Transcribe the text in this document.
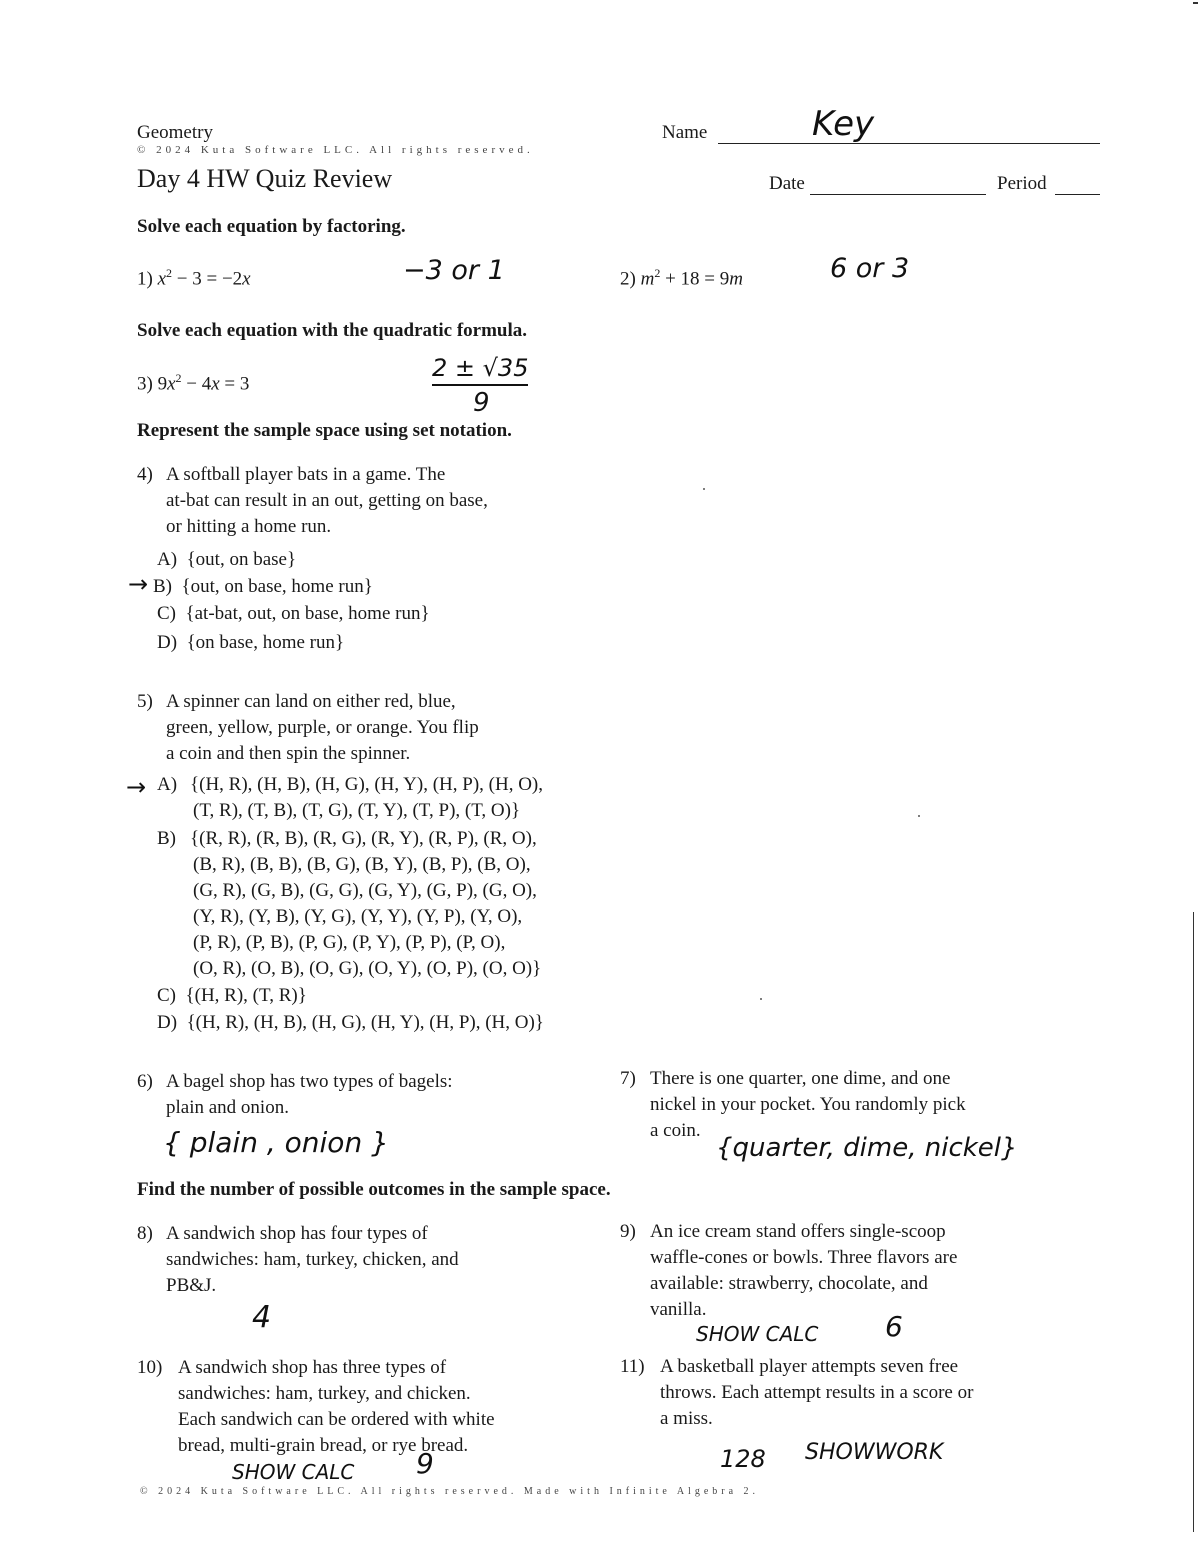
Geometry
© 2024 Kuta Software LLC. All rights reserved.
Day 4 HW Quiz Review
Name	Key
Date	Period
Solve each equation by factoring.
1) $x^2 - 3 = -2x$	−3 or 1	2) $m^2 + 18 = 9m$	6 or 3
Solve each equation with the quadratic formula.
3) $9x^2 - 4x = 3$
2 ± √35
9
Represent the sample space using set notation.
4) A softball player bats in a game. The
at-bat can result in an out, getting on base,
or hitting a home run.
A) {out, on base}
→ B) {out, on base, home run}
C) {at-bat, out, on base, home run}
D) {on base, home run}
5) A spinner can land on either red, blue,
green, yellow, purple, or orange. You flip
a coin and then spin the spinner.
→ A) {(H, R), (H, B), (H, G), (H, Y), (H, P), (H, O),
(T, R), (T, B), (T, G), (T, Y), (T, P), (T, O)}
B) {(R, R), (R, B), (R, G), (R, Y), (R, P), (R, O),
(B, R), (B, B), (B, G), (B, Y), (B, P), (B, O),
(G, R), (G, B), (G, G), (G, Y), (G, P), (G, O),
(Y, R), (Y, B), (Y, G), (Y, Y), (Y, P), (Y, O),
(P, R), (P, B), (P, G), (P, Y), (P, P), (P, O),
(O, R), (O, B), (O, G), (O, Y), (O, P), (O, O)}
C) {(H, R), (T, R)}
D) {(H, R), (H, B), (H, G), (H, Y), (H, P), (H, O)}
6) A bagel shop has two types of bagels:
plain and onion.
{ plain , onion }
7) There is one quarter, one dime, and one
nickel in your pocket. You randomly pick
a coin.
{quarter, dime, nickel}
Find the number of possible outcomes in the sample space.
8) A sandwich shop has four types of
sandwiches: ham, turkey, chicken, and
PB&J.
4
9) An ice cream stand offers single-scoop
waffle-cones or bowls. Three flavors are
available: strawberry, chocolate, and
vanilla.
SHOW CALC 6
10) A sandwich shop has three types of
sandwiches: ham, turkey, and chicken.
Each sandwich can be ordered with white
bread, multi-grain bread, or rye bread.
SHOW CALC 9
11) A basketball player attempts seven free
throws. Each attempt results in a score or
a miss.
128 SHOWWORK
© 2024 Kuta Software LLC. All rights reserved. Made with Infinite Algebra 2.
